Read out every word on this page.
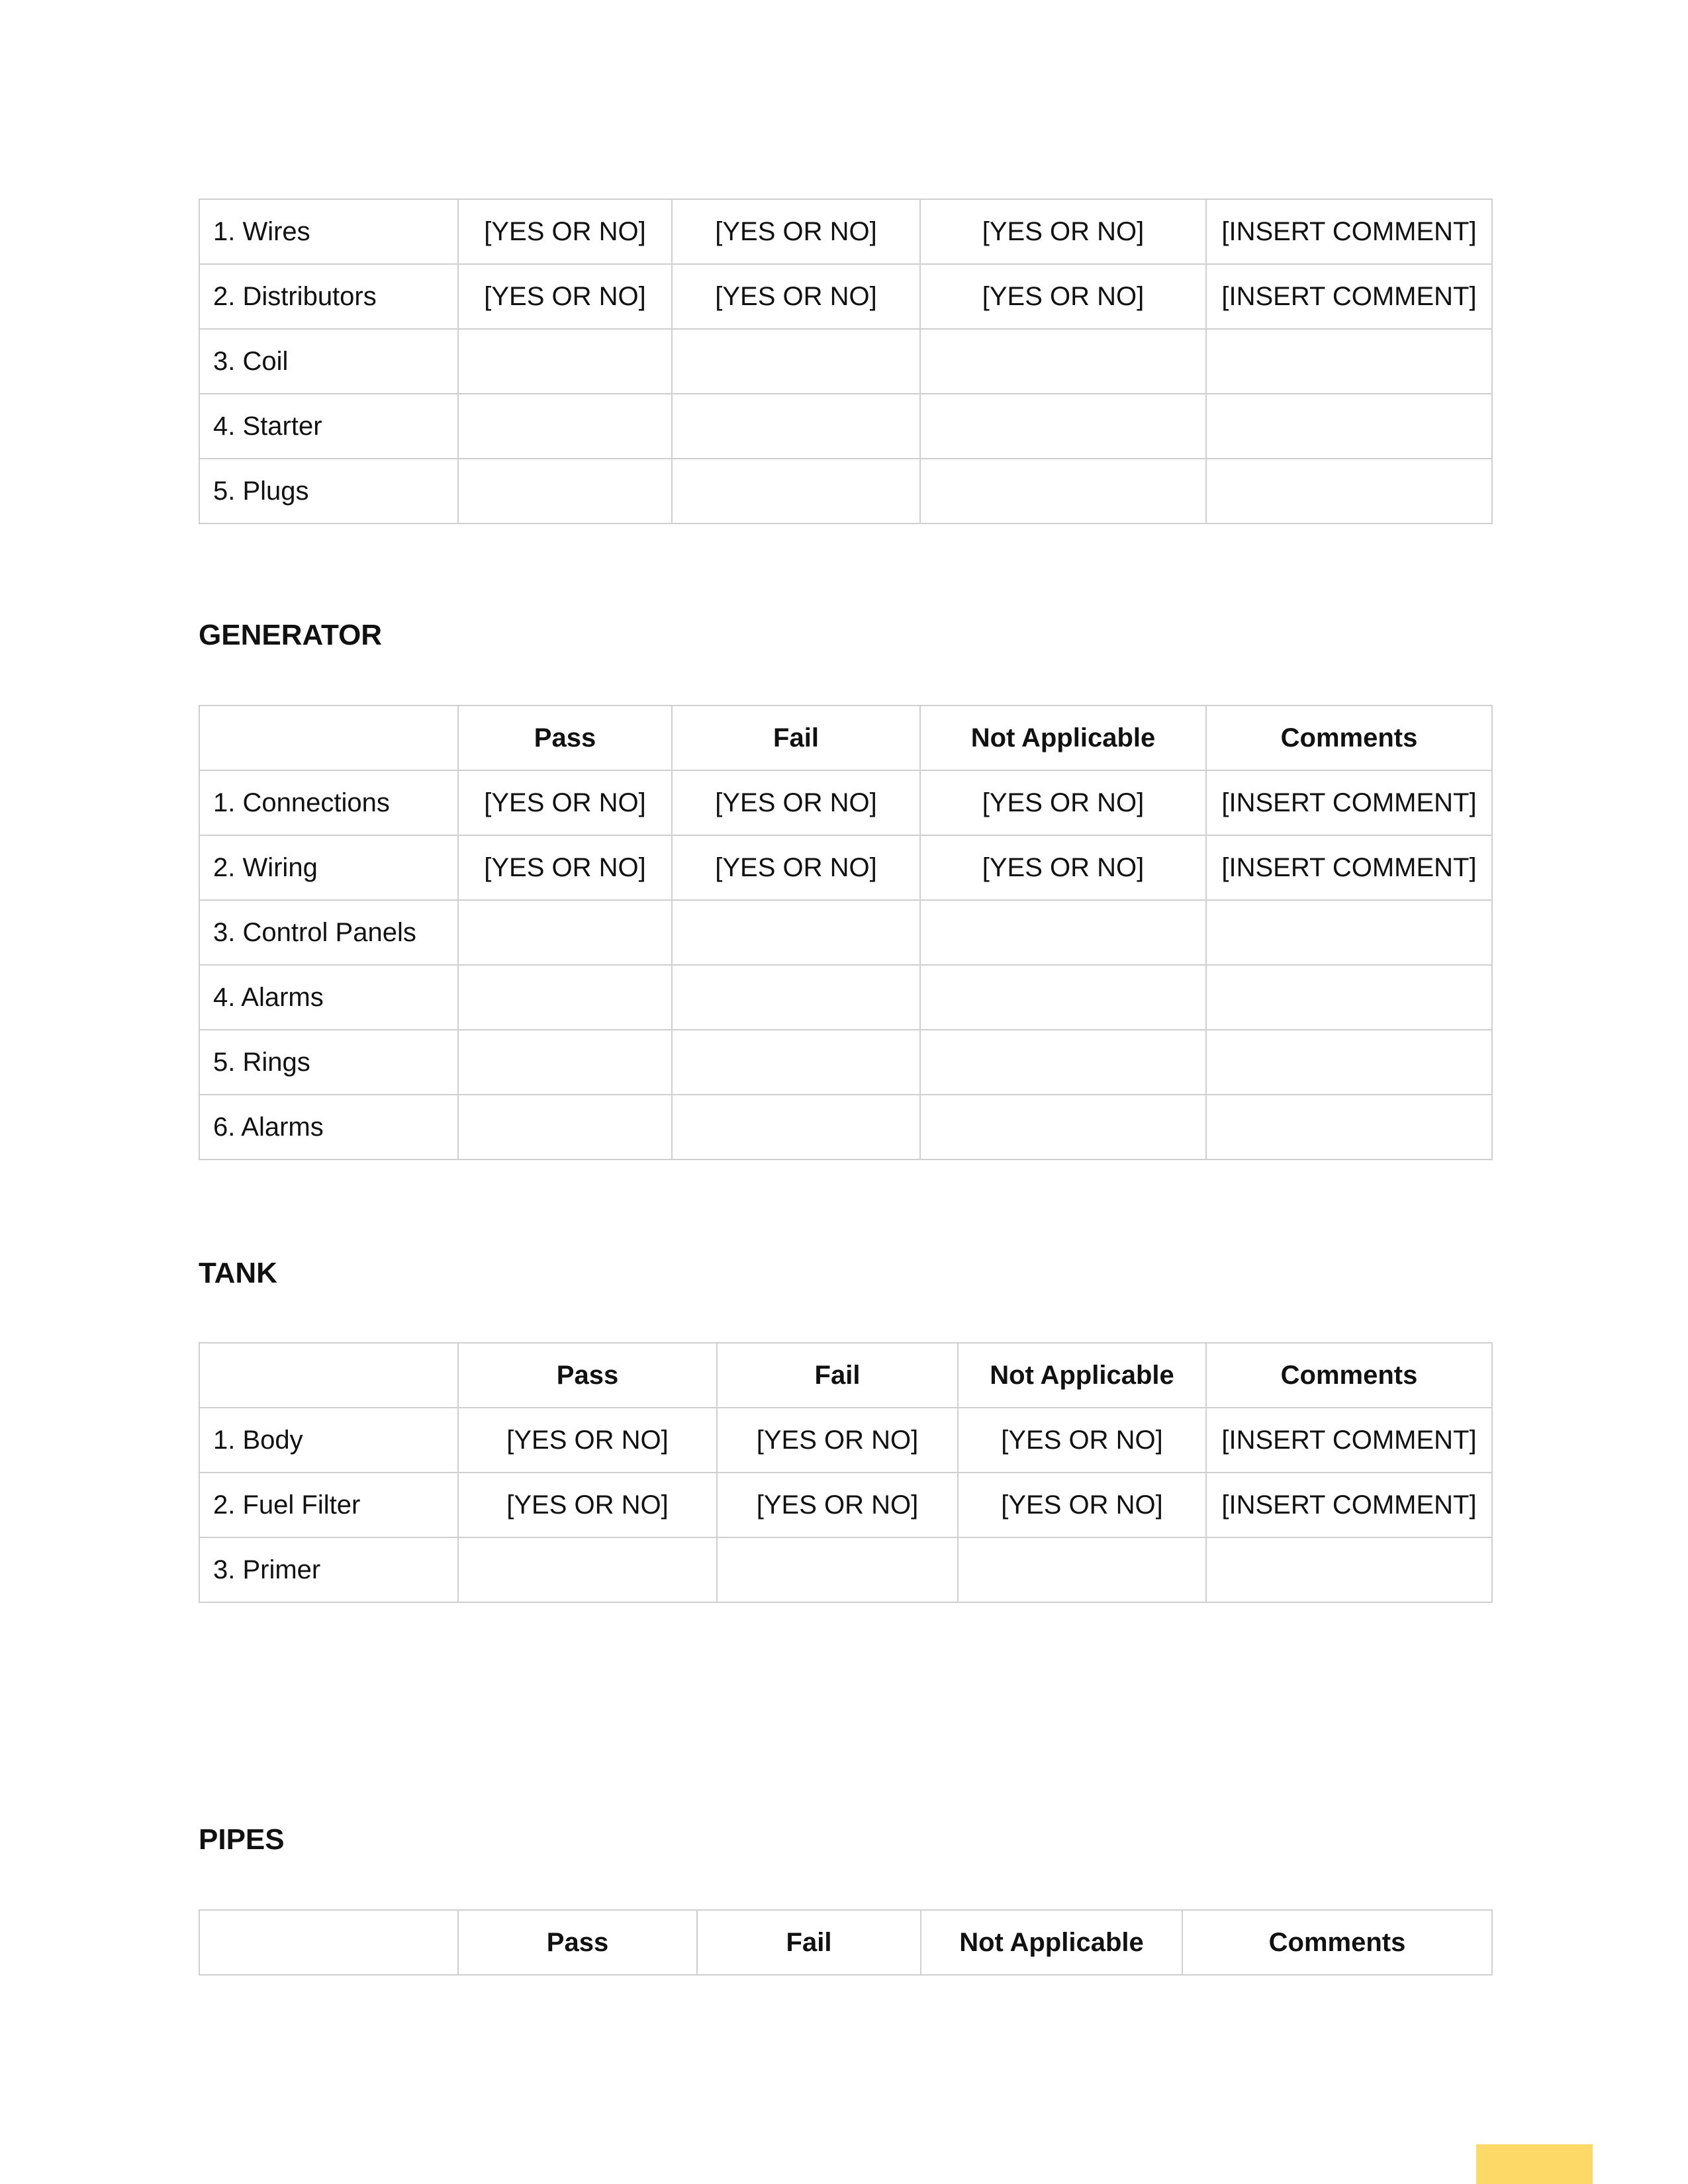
1. Wires	[YES OR NO]	[YES OR NO]	[YES OR NO]	[INSERT COMMENT]
2. Distributors	[YES OR NO]	[YES OR NO]	[YES OR NO]	[INSERT COMMENT]
3. Coil				
4. Starter				
5. Plugs				
GENERATOR
	Pass	Fail	Not Applicable	Comments
1. Connections	[YES OR NO]	[YES OR NO]	[YES OR NO]	[INSERT COMMENT]
2. Wiring	[YES OR NO]	[YES OR NO]	[YES OR NO]	[INSERT COMMENT]
3. Control Panels				
4. Alarms				
5. Rings				
6. Alarms				
TANK
	Pass	Fail	Not Applicable	Comments
1. Body	[YES OR NO]	[YES OR NO]	[YES OR NO]	[INSERT COMMENT]
2. Fuel Filter	[YES OR NO]	[YES OR NO]	[YES OR NO]	[INSERT COMMENT]
3. Primer				
PIPES
	Pass	Fail	Not Applicable	Comments
